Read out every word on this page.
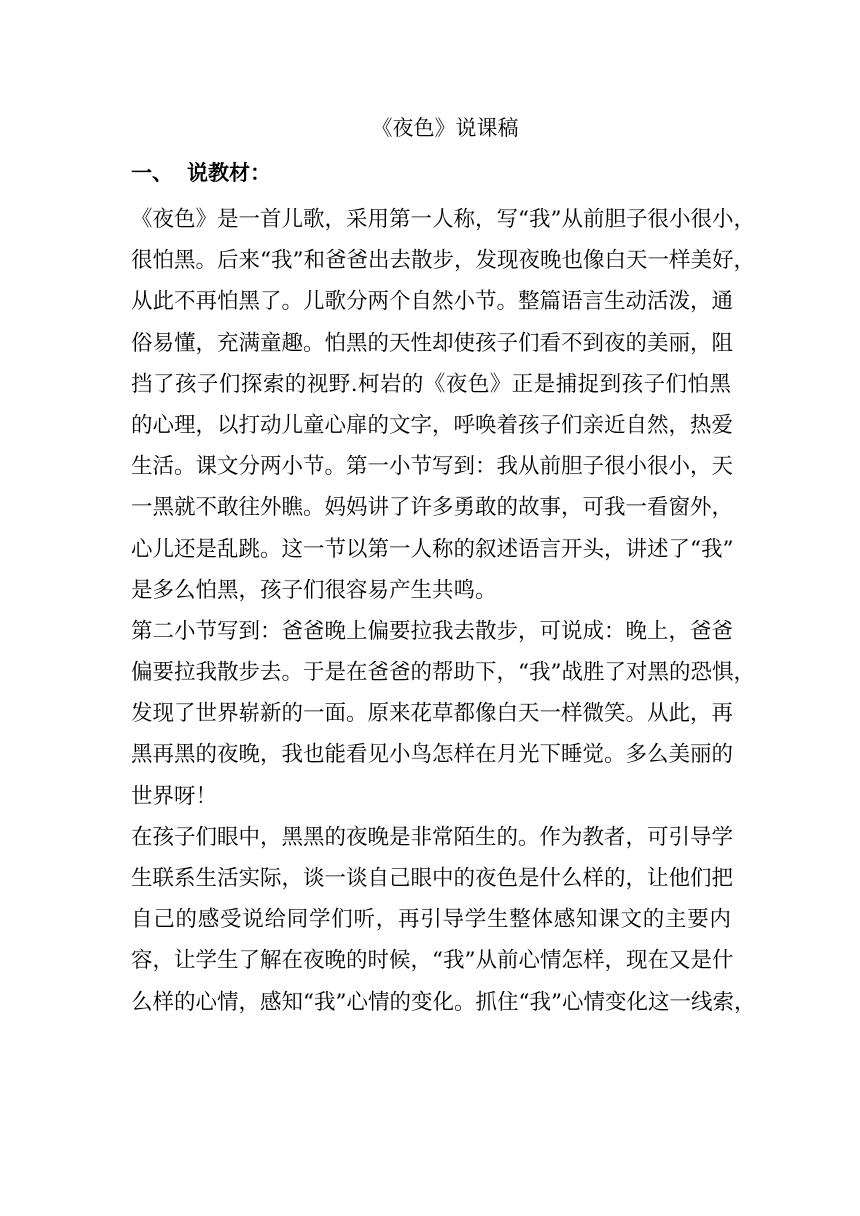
《夜色》说课稿
一、 说教材：
《夜色》是一首儿歌，采用第一人称，写“我”从前胆子很小很小，
很怕黑。后来“我”和爸爸出去散步，发现夜晚也像白天一样美好，
从此不再怕黑了。儿歌分两个自然小节。整篇语言生动活泼，通
俗易懂，充满童趣。怕黑的天性却使孩子们看不到夜的美丽，阻
挡了孩子们探索的视野.柯岩的《夜色》正是捕捉到孩子们怕黑
的心理，以打动儿童心扉的文字，呼唤着孩子们亲近自然，热爱
生活。课文分两小节。第一小节写到：我从前胆子很小很小，天
一黑就不敢往外瞧。妈妈讲了许多勇敢的故事，可我一看窗外，
心儿还是乱跳。这一节以第一人称的叙述语言开头，讲述了“我”
是多么怕黑，孩子们很容易产生共鸣。
第二小节写到：爸爸晚上偏要拉我去散步，可说成：晚上，爸爸
偏要拉我散步去。于是在爸爸的帮助下，“我”战胜了对黑的恐惧，
发现了世界崭新的一面。原来花草都像白天一样微笑。从此，再
黑再黑的夜晚，我也能看见小鸟怎样在月光下睡觉。多么美丽的
世界呀！
在孩子们眼中，黑黑的夜晚是非常陌生的。作为教者，可引导学
生联系生活实际，谈一谈自己眼中的夜色是什么样的，让他们把
自己的感受说给同学们听，再引导学生整体感知课文的主要内
容，让学生了解在夜晚的时候，“我”从前心情怎样，现在又是什
么样的心情，感知“我”心情的变化。抓住“我”心情变化这一线索，
